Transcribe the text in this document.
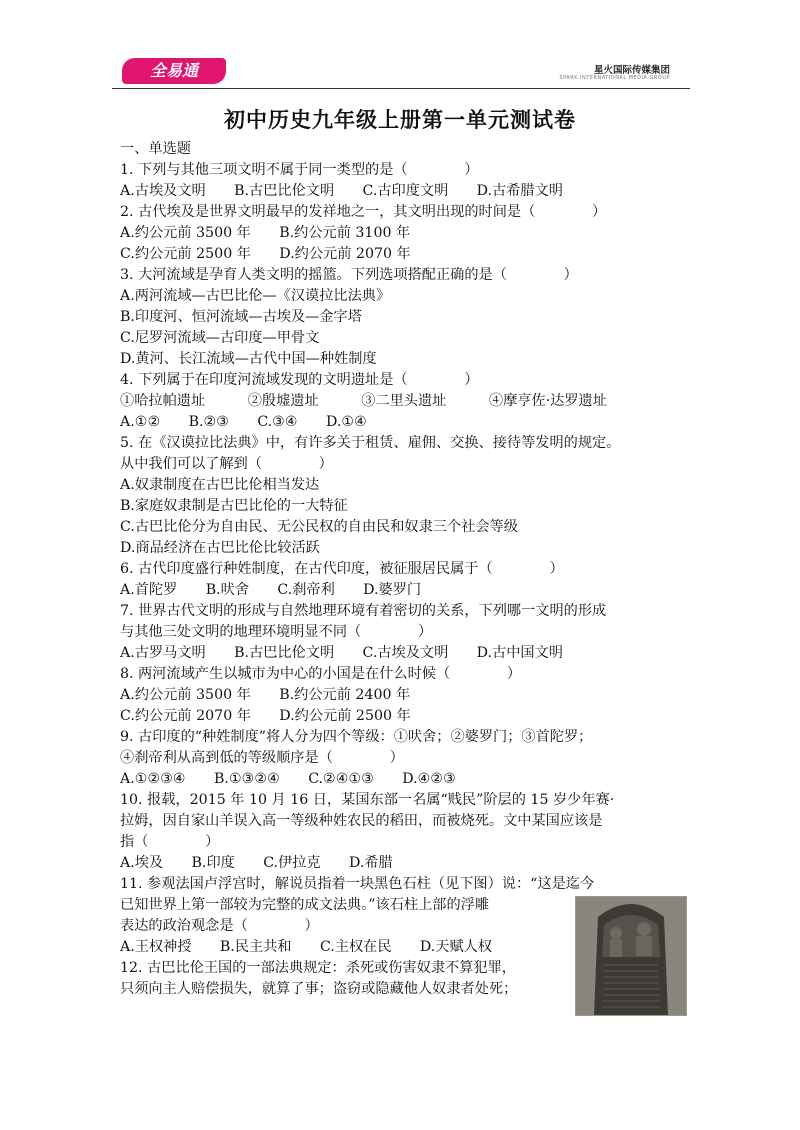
全易通	星火国际传媒集团
SPARK INTERNATIONAL MEDIA GROUP
初中历史九年级上册第一单元测试卷
一、单选题
1. 下列与其他三项文明不属于同一类型的是（　　　　）
A.古埃及文明　　B.古巴比伦文明　　C.古印度文明　　D.古希腊文明
2. 古代埃及是世界文明最早的发祥地之一，其文明出现的时间是（　　　　）
A.约公元前 3500 年　　B.约公元前 3100 年
C.约公元前 2500 年　　D.约公元前 2070 年
3. 大河流域是孕育人类文明的摇篮。下列选项搭配正确的是（　　　　）
A.两河流域—古巴比伦—《汉谟拉比法典》
B.印度河、恒河流域—古埃及—金字塔
C.尼罗河流域—古印度—甲骨文
D.黄河、长江流域—古代中国—种姓制度
4. 下列属于在印度河流域发现的文明遗址是（　　　　）
①哈拉帕遗址　　　②殷墟遗址　　　③二里头遗址　　　④摩亨佐·达罗遗址
A.①②　　B.②③　　C.③④　　D.①④
5. 在《汉谟拉比法典》中，有许多关于租赁、雇佣、交换、接待等发明的规定。
从中我们可以了解到（　　　　）
A.奴隶制度在古巴比伦相当发达
B.家庭奴隶制是古巴比伦的一大特征
C.古巴比伦分为自由民、无公民权的自由民和奴隶三个社会等级
D.商品经济在古巴比伦比较活跃
6. 古代印度盛行种姓制度，在古代印度，被征服居民属于（　　　　）
A.首陀罗　　B.吠舍　　C.刹帝利　　D.婆罗门
7. 世界古代文明的形成与自然地理环境有着密切的关系，下列哪一文明的形成
与其他三处文明的地理环境明显不同（　　　　）
A.古罗马文明　　B.古巴比伦文明　　C.古埃及文明　　D.古中国文明
8. 两河流域产生以城市为中心的小国是在什么时候（　　　　）
A.约公元前 3500 年　　B.约公元前 2400 年
C.约公元前 2070 年　　D.约公元前 2500 年
9. 古印度的“种姓制度”将人分为四个等级：①吠舍；②婆罗门；③首陀罗；
④刹帝利从高到低的等级顺序是（　　　　）
A.①②③④　　B.①③②④　　C.②④①③　　D.④②③
10. 报载，2015 年 10 月 16 日，某国东部一名属“贱民”阶层的 15 岁少年赛·
拉姆，因自家山羊误入高一等级种姓农民的稻田，而被烧死。文中某国应该是
指（　　　　）
A.埃及　　B.印度　　C.伊拉克　　D.希腊
11. 参观法国卢浮宫时，解说员指着一块黑色石柱（见下图）说：“这是迄今
已知世界上第一部较为完整的成文法典。”该石柱上部的浮雕
表达的政治观念是（　　　　）
A.王权神授　　B.民主共和　　C.主权在民　　D.天赋人权
12. 古巴比伦王国的一部法典规定：杀死或伤害奴隶不算犯罪，
只须向主人赔偿损失，就算了事；盗窃或隐藏他人奴隶者处死；
